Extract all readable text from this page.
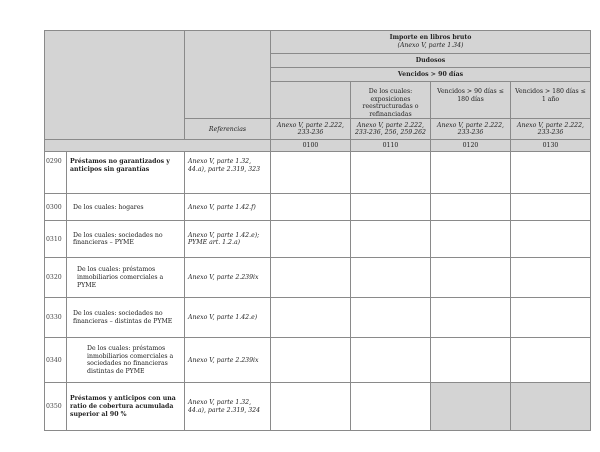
			Importe en libros bruto
(Anexo V, parte 1.34)			
			Dudosos			
			Vencidos > 90 días			
				De los cuales: exposiciones reestructuradas o refinanciadas	Vencidos > 90 días ≤ 180 días	Vencidos > 180 días ≤ 1 año
		Referencias	Anexo V, parte 2.222, 233-236	Anexo V, parte 2.222, 233-236, 256, 259.262	Anexo V, parte 2.222, 233-236	Anexo V, parte 2.222, 233-236
			0100	0110	0120	0130
0290	Préstamos no garantizados y anticipos sin garantías	Anexo V, parte 1.32, 44.a), parte 2.319, 323				
0300	De los cuales: hogares	Anexo V, parte 1.42.f)				
0310	De los cuales: sociedades no financieras – PYME	Anexo V, parte 1.42.e); PYME art. 1.2.a)				
0320	De los cuales: préstamos inmobiliarios comerciales a PYME	Anexo V, parte 2.239ix				
0330	De los cuales: sociedades no financieras – distintas de PYME	Anexo V, parte 1.42.e)				
0340	De los cuales: préstamos inmobiliarios comerciales a sociedades no financieras distintas de PYME	Anexo V, parte 2.239ix				
0350	Préstamos y anticipos con una ratio de cobertura acumulada superior al 90 %	Anexo V, parte 1.32, 44.a), parte 2.319, 324				
